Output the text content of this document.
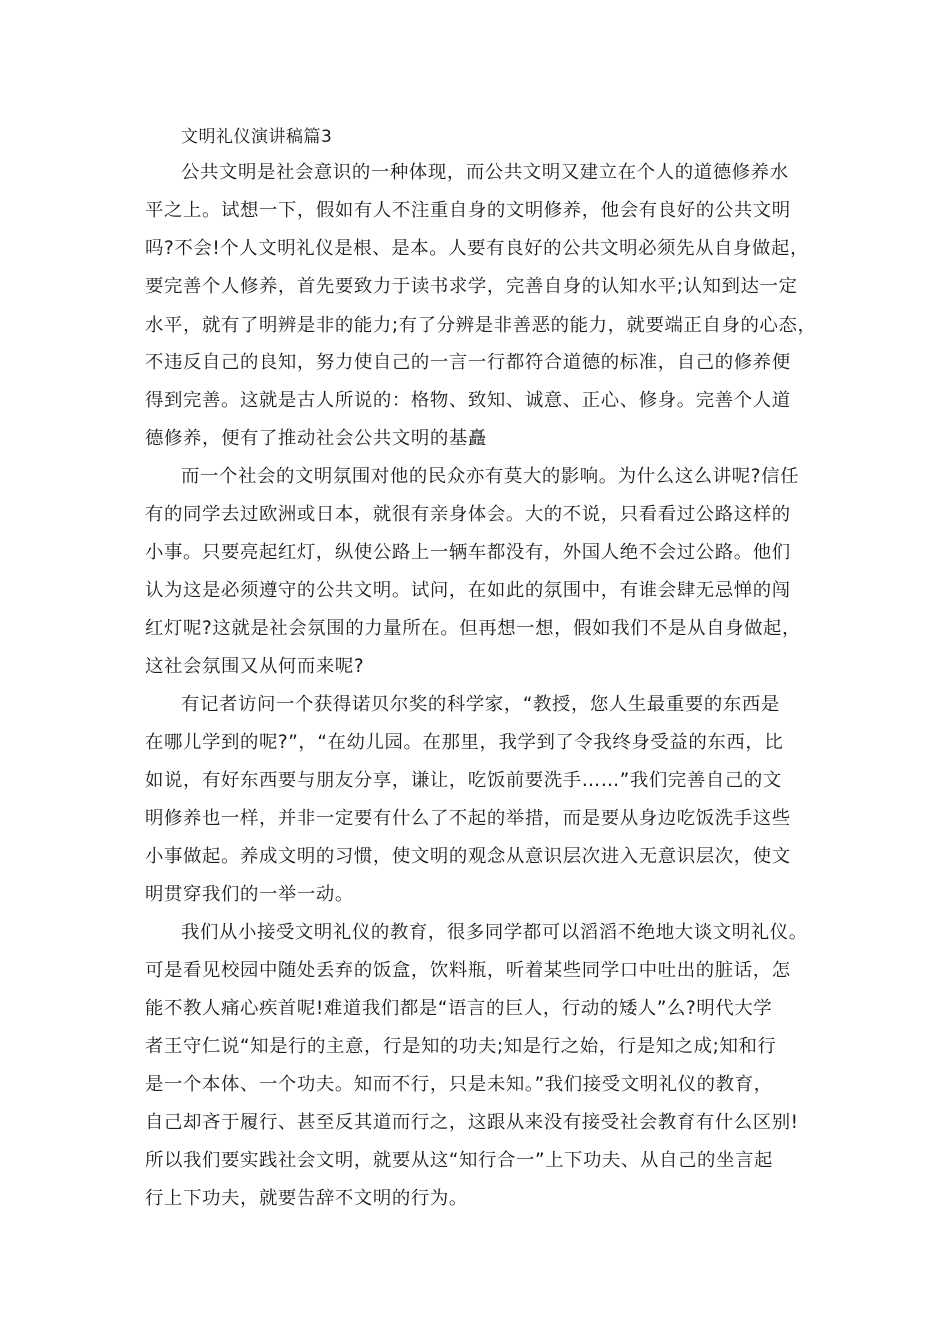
文明礼仪演讲稿篇3
公共文明是社会意识的一种体现，而公共文明又建立在个人的道德修养水
平之上。试想一下，假如有人不注重自身的文明修养，他会有良好的公共文明
吗?不会!个人文明礼仪是根、是本。人要有良好的公共文明必须先从自身做起，
要完善个人修养，首先要致力于读书求学，完善自身的认知水平;认知到达一定
水平，就有了明辨是非的能力;有了分辨是非善恶的能力，就要端正自身的心态，
不违反自己的良知，努力使自己的一言一行都符合道德的标准，自己的修养便
得到完善。这就是古人所说的：格物、致知、诚意、正心、修身。完善个人道
德修养，便有了推动社会公共文明的基矗
而一个社会的文明氛围对他的民众亦有莫大的影响。为什么这么讲呢?信任
有的同学去过欧洲或日本，就很有亲身体会。大的不说，只看看过公路这样的
小事。只要亮起红灯，纵使公路上一辆车都没有，外国人绝不会过公路。他们
认为这是必须遵守的公共文明。试问，在如此的氛围中，有谁会肆无忌惮的闯
红灯呢?这就是社会氛围的力量所在。但再想一想，假如我们不是从自身做起，
这社会氛围又从何而来呢?
有记者访问一个获得诺贝尔奖的科学家，“教授，您人生最重要的东西是
在哪儿学到的呢?”，“在幼儿园。在那里，我学到了令我终身受益的东西，比
如说，有好东西要与朋友分享，谦让，吃饭前要洗手……”我们完善自己的文
明修养也一样，并非一定要有什么了不起的举措，而是要从身边吃饭洗手这些
小事做起。养成文明的习惯，使文明的观念从意识层次进入无意识层次，使文
明贯穿我们的一举一动。
我们从小接受文明礼仪的教育，很多同学都可以滔滔不绝地大谈文明礼仪。
可是看见校园中随处丢弃的饭盒，饮料瓶，听着某些同学口中吐出的脏话，怎
能不教人痛心疾首呢!难道我们都是“语言的巨人，行动的矮人”么?明代大学
者王守仁说“知是行的主意，行是知的功夫;知是行之始，行是知之成;知和行
是一个本体、一个功夫。知而不行，只是未知。”我们接受文明礼仪的教育，
自己却吝于履行、甚至反其道而行之，这跟从来没有接受社会教育有什么区别!
所以我们要实践社会文明，就要从这“知行合一”上下功夫、从自己的坐言起
行上下功夫，就要告辞不文明的行为。
